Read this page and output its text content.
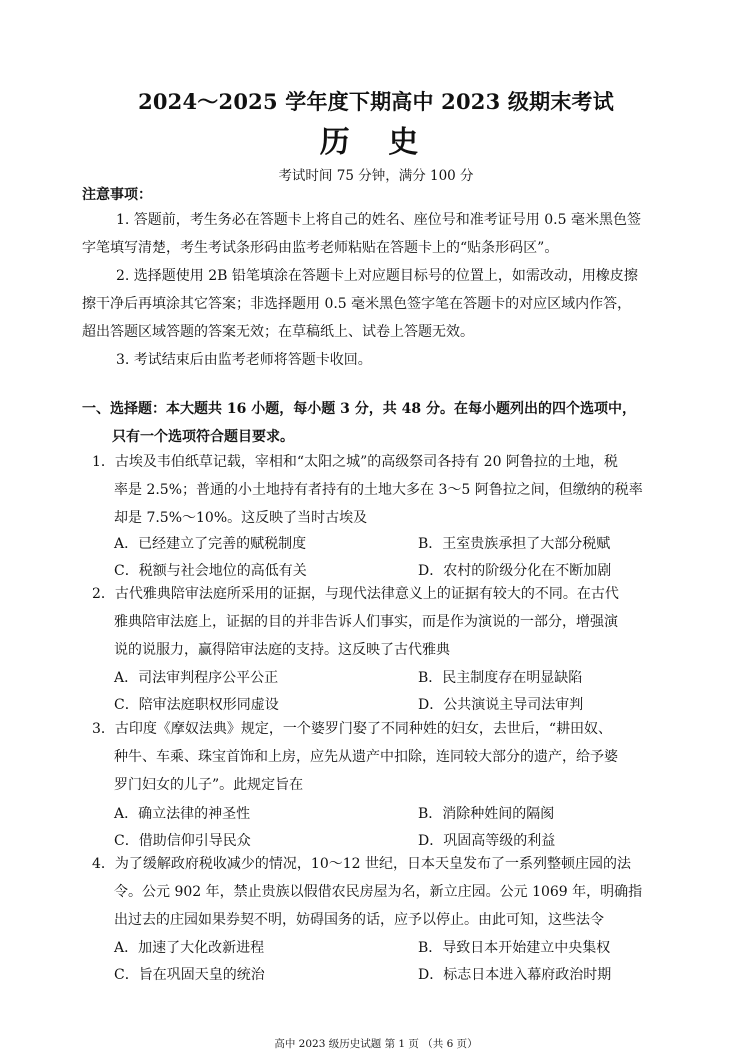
2024～2025 学年度下期高中 2023 级期末考试
历 史
考试时间 75 分钟，满分 100 分
注意事项：
1. 答题前，考生务必在答题卡上将自己的姓名、座位号和准考证号用 0.5 毫米黑色签
字笔填写清楚，考生考试条形码由监考老师粘贴在答题卡上的“贴条形码区”。
2. 选择题使用 2B 铅笔填涂在答题卡上对应题目标号的位置上，如需改动，用橡皮擦
擦干净后再填涂其它答案；非选择题用 0.5 毫米黑色签字笔在答题卡的对应区域内作答，
超出答题区域答题的答案无效；在草稿纸上、试卷上答题无效。
3. 考试结束后由监考老师将答题卡收回。
一、选择题：本大题共 16 小题，每小题 3 分，共 48 分。在每小题列出的四个选项中，
只有一个选项符合题目要求。
1．古埃及韦伯纸草记载，宰相和“太阳之城”的高级祭司各持有 20 阿鲁拉的土地，税
率是 2.5%；普通的小土地持有者持有的土地大多在 3～5 阿鲁拉之间，但缴纳的税率
却是 7.5%～10%。这反映了当时古埃及
A．已经建立了完善的赋税制度	B．王室贵族承担了大部分税赋
C．税额与社会地位的高低有关	D．农村的阶级分化在不断加剧
2．古代雅典陪审法庭所采用的证据，与现代法律意义上的证据有较大的不同。在古代
雅典陪审法庭上，证据的目的并非告诉人们事实，而是作为演说的一部分，增强演
说的说服力，赢得陪审法庭的支持。这反映了古代雅典
A．司法审判程序公平公正	B．民主制度存在明显缺陷
C．陪审法庭职权形同虚设	D．公共演说主导司法审判
3．古印度《摩奴法典》规定，一个婆罗门娶了不同种姓的妇女，去世后，“耕田奴、
种牛、车乘、珠宝首饰和上房，应先从遗产中扣除，连同较大部分的遗产，给予婆
罗门妇女的儿子”。此规定旨在
A．确立法律的神圣性	B．消除种姓间的隔阂
C．借助信仰引导民众	D．巩固高等级的利益
4．为了缓解政府税收减少的情况，10～12 世纪，日本天皇发布了一系列整顿庄园的法
令。公元 902 年，禁止贵族以假借农民房屋为名，新立庄园。公元 1069 年，明确指
出过去的庄园如果券契不明，妨碍国务的话，应予以停止。由此可知，这些法令
A．加速了大化改新进程	B．导致日本开始建立中央集权
C．旨在巩固天皇的统治	D．标志日本进入幕府政治时期
高中 2023 级历史试题 第 1 页 （共 6 页）
